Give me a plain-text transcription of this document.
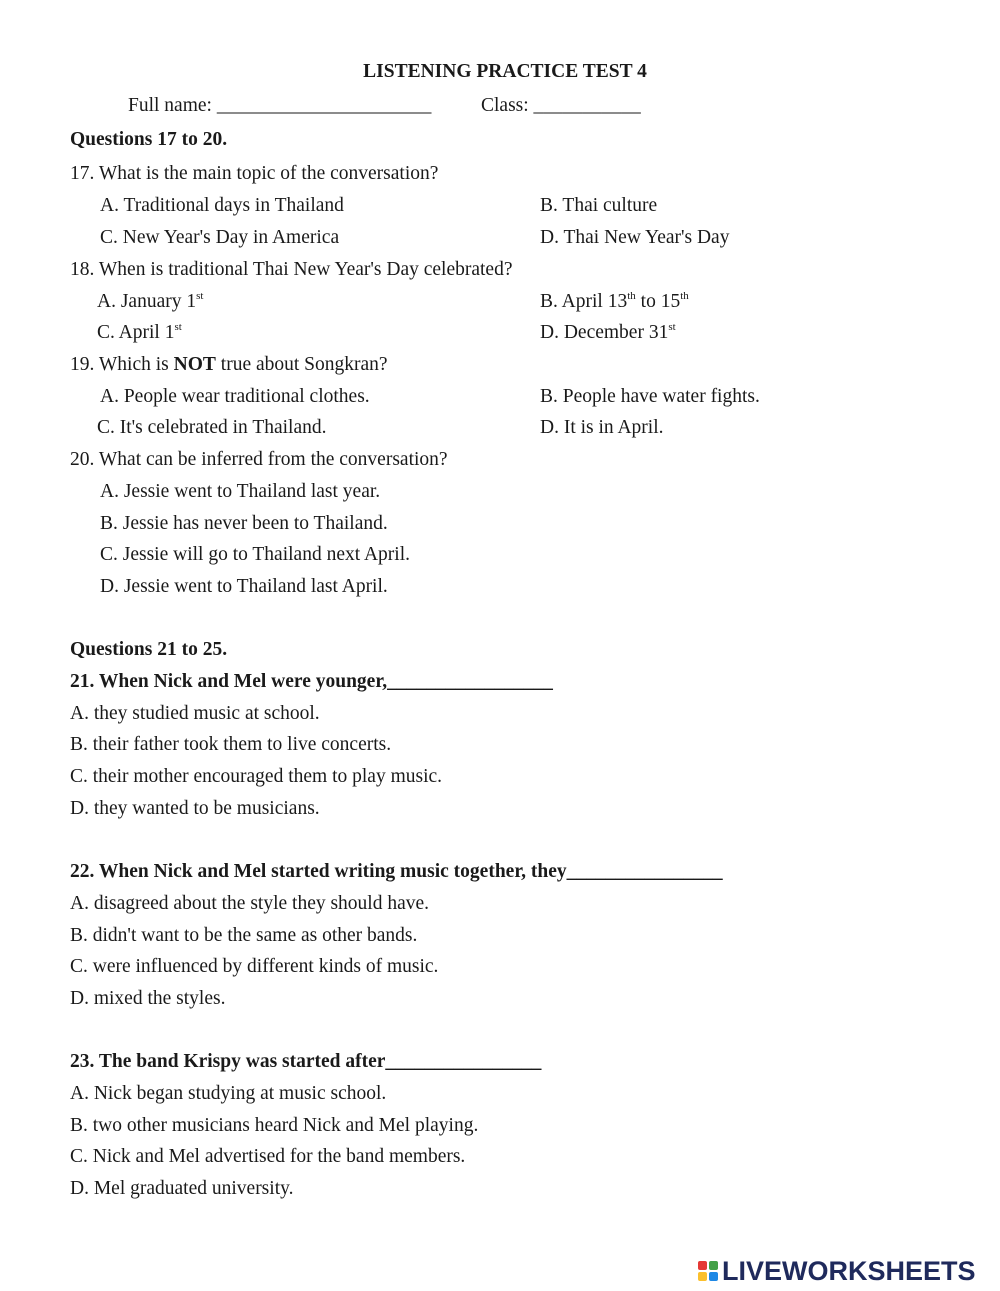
LISTENING PRACTICE TEST 4
Full name: ______________________	Class: ___________
Questions 17 to 20.
17. What is the main topic of the conversation?
A. Traditional days in Thailand	B. Thai culture
C. New Year's Day in America	D. Thai New Year's Day
18. When is traditional Thai New Year's Day celebrated?
A. January 1st	B. April 13th to 15th
C. April 1st	D. December 31st
19. Which is NOT true about Songkran?
A. People wear traditional clothes.	B. People have water fights.
C. It's celebrated in Thailand.	D. It is in April.
20. What can be inferred from the conversation?
A. Jessie went to Thailand last year.
B. Jessie has never been to Thailand.
C. Jessie will go to Thailand next April.
D. Jessie went to Thailand last April.
Questions 21 to 25.
21. When Nick and Mel were younger,_________________
A. they studied music at school.
B. their father took them to live concerts.
C. their mother encouraged them to play music.
D. they wanted to be musicians.
22. When Nick and Mel started writing music together, they________________
A. disagreed about the style they should have.
B. didn't want to be the same as other bands.
C. were influenced by different kinds of music.
D. mixed the styles.
23. The band Krispy was started after________________
A. Nick began studying at music school.
B. two other musicians heard Nick and Mel playing.
C. Nick and Mel advertised for the band members.
D. Mel graduated university.
LIVEWORKSHEETS
